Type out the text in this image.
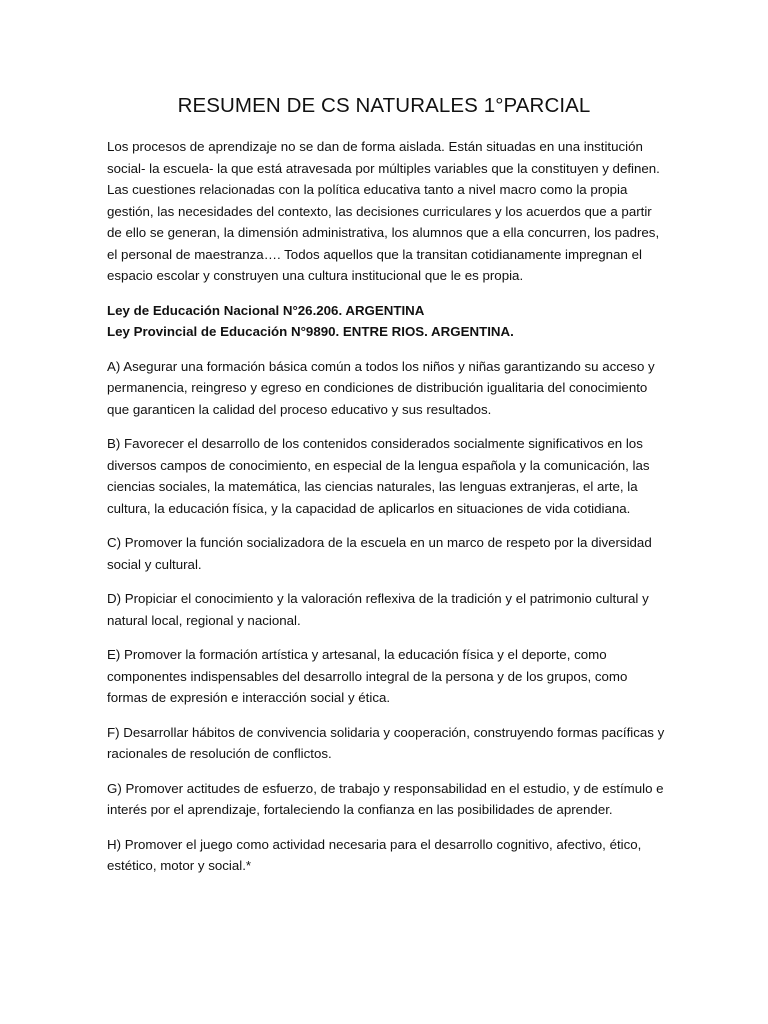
RESUMEN DE CS NATURALES 1°PARCIAL

Los procesos de aprendizaje no se dan de forma aislada. Están situadas en una institución social- la escuela- la que está atravesada por múltiples variables que la constituyen y definen. Las cuestiones relacionadas con la política educativa tanto a nivel macro como la propia gestión, las necesidades del contexto, las decisiones curriculares y los acuerdos que a partir de ello se generan, la dimensión administrativa, los alumnos que a ella concurren, los padres, el personal de maestranza…. Todos aquellos que la transitan cotidianamente impregnan el espacio escolar y construyen una cultura institucional que le es propia.

Ley de Educación Nacional N°26.206. ARGENTINA
Ley Provincial de Educación N°9890. ENTRE RIOS. ARGENTINA.

A) Asegurar una formación básica común a todos los niños y niñas garantizando su acceso y permanencia, reingreso y egreso en condiciones de distribución igualitaria del conocimiento que garanticen la calidad del proceso educativo y sus resultados.

B) Favorecer el desarrollo de los contenidos considerados socialmente significativos en los diversos campos de conocimiento, en especial de la lengua española y la comunicación, las ciencias sociales, la matemática, las ciencias naturales, las lenguas extranjeras, el arte, la cultura, la educación física, y la capacidad de aplicarlos en situaciones de vida cotidiana.

C) Promover la función socializadora de la escuela en un marco de respeto por la diversidad social y cultural.

D) Propiciar el conocimiento y la valoración reflexiva de la tradición y el patrimonio cultural y natural local, regional y nacional.

E) Promover la formación artística y artesanal, la educación física y el deporte, como componentes indispensables del desarrollo integral de la persona y de los grupos, como formas de expresión e interacción social y ética.

F) Desarrollar hábitos de convivencia solidaria y cooperación, construyendo formas pacíficas y racionales de resolución de conflictos.

G) Promover actitudes de esfuerzo, de trabajo y responsabilidad en el estudio, y de estímulo e interés por el aprendizaje, fortaleciendo la confianza en las posibilidades de aprender.

H) Promover el juego como actividad necesaria para el desarrollo cognitivo, afectivo, ético, estético, motor y social.*
